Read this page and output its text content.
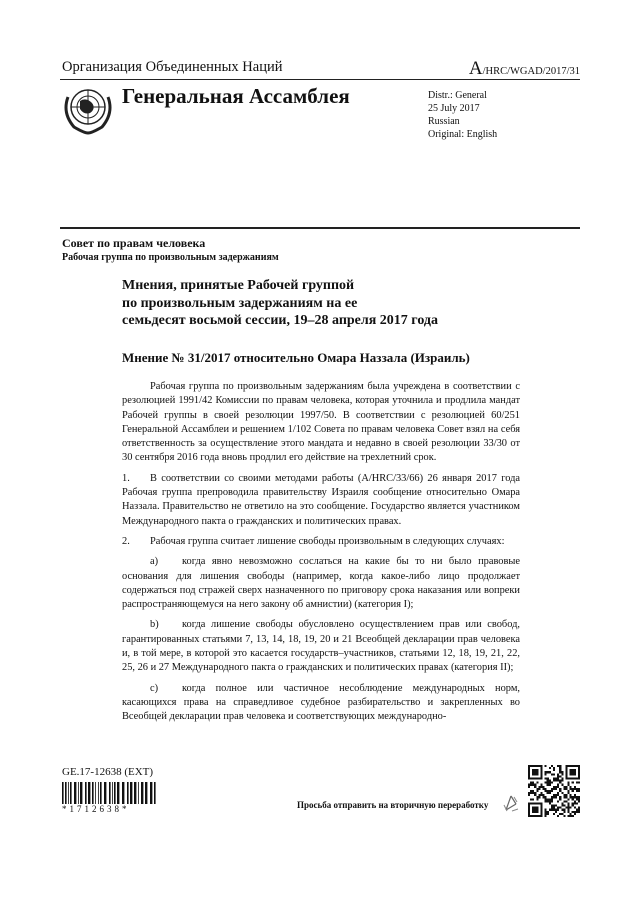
Организация Объединенных Наций	A/HRC/WGAD/2017/31
Генеральная Ассамблея	Distr.: General
25 July 2017
Russian
Original: English
Совет по правам человека
Рабочая группа по произвольным задержаниям
Мнения, принятые Рабочей группой
по произвольным задержаниям на ее
семьдесят восьмой сессии, 19–28 апреля 2017 года
Мнение № 31/2017 относительно Омара Наззала (Израиль)

Рабочая группа по произвольным задержаниям была учреждена в соответствии с резолюцией 1991/42 Комиссии по правам человека, которая уточнила и продлила мандат Рабочей группы в своей резолюции 1997/50. В соответствии с резолюцией 60/251 Генеральной Ассамблеи и решением 1/102 Совета по правам человека Совет взял на себя ответственность за осуществление этого мандата и недавно в своей резолюции 33/30 от 30 сентября 2016 года вновь продлил его действие на трехлетний срок.

1. В соответствии со своими методами работы (A/HRC/33/66) 26 января 2017 года Рабочая группа препроводила правительству Израиля сообщение относительно Омара Наззала. Правительство не ответило на это сообщение. Государство является участником Международного пакта о гражданских и политических правах.

2. Рабочая группа считает лишение свободы произвольным в следующих случаях:

a) когда явно невозможно сослаться на какие бы то ни было правовые основания для лишения свободы (например, когда какое-либо лицо продолжает содержаться под стражей сверх назначенного по приговору срока наказания или вопреки распространяющемуся на него закону об амнистии) (категория I);

b) когда лишение свободы обусловлено осуществлением прав или свобод, гарантированных статьями 7, 13, 14, 18, 19, 20 и 21 Всеобщей декларации прав человека и, в той мере, в которой это касается государств–участников, статьями 12, 18, 19, 21, 22, 25, 26 и 27 Международного пакта о гражданских и политических правах (категория II);

c) когда полное или частичное несоблюдение международных норм, касающихся права на справедливое судебное разбирательство и закрепленных во Всеобщей декларации прав человека и соответствующих международно-

GE.17-12638 (EXT)
*1712638*	Просьба отправить на вторичную переработку
